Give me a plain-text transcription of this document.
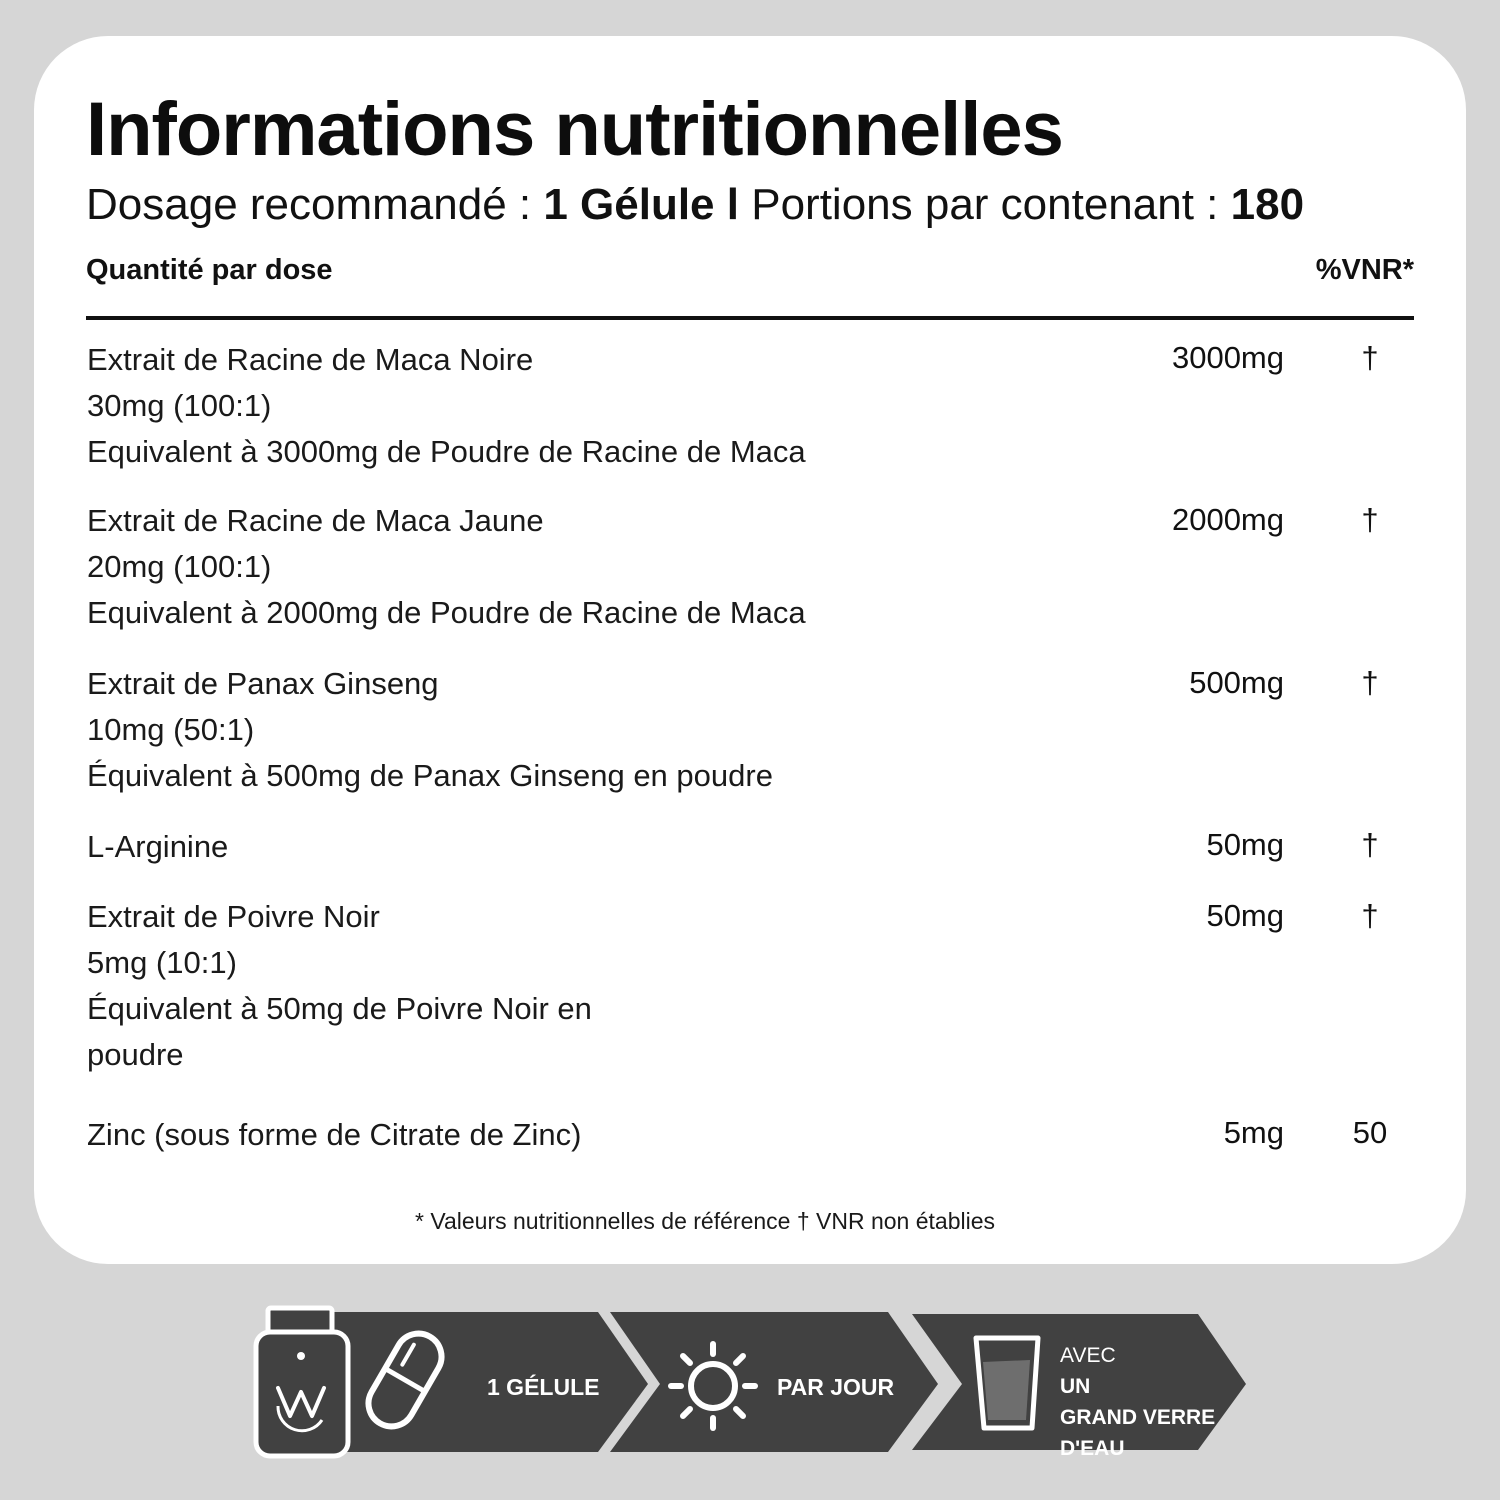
Informations nutritionnelles

Dosage recommandé : 1 Gélule l Portions par contenant : 180

Quantité par dose	%VNR*
Extrait de Racine de Maca Noire
30mg (100:1)
Equivalent à 3000mg de Poudre de Racine de Maca
3000mg	†
Extrait de Racine de Maca Jaune
20mg (100:1)
Equivalent à 2000mg de Poudre de Racine de Maca
2000mg	†
Extrait de Panax Ginseng
10mg (50:1)
Équivalent à 500mg de Panax Ginseng en poudre
500mg	†
L-Arginine	50mg	†
Extrait de Poivre Noir
5mg (10:1)
Équivalent à 50mg de Poivre Noir en
poudre
50mg	†
Zinc (sous forme de Citrate de Zinc)	5mg	50
* Valeurs nutritionnelles de référence † VNR non établies
1 GÉLULE	PAR JOUR
AVEC
UN
GRAND VERRE
D'EAU
